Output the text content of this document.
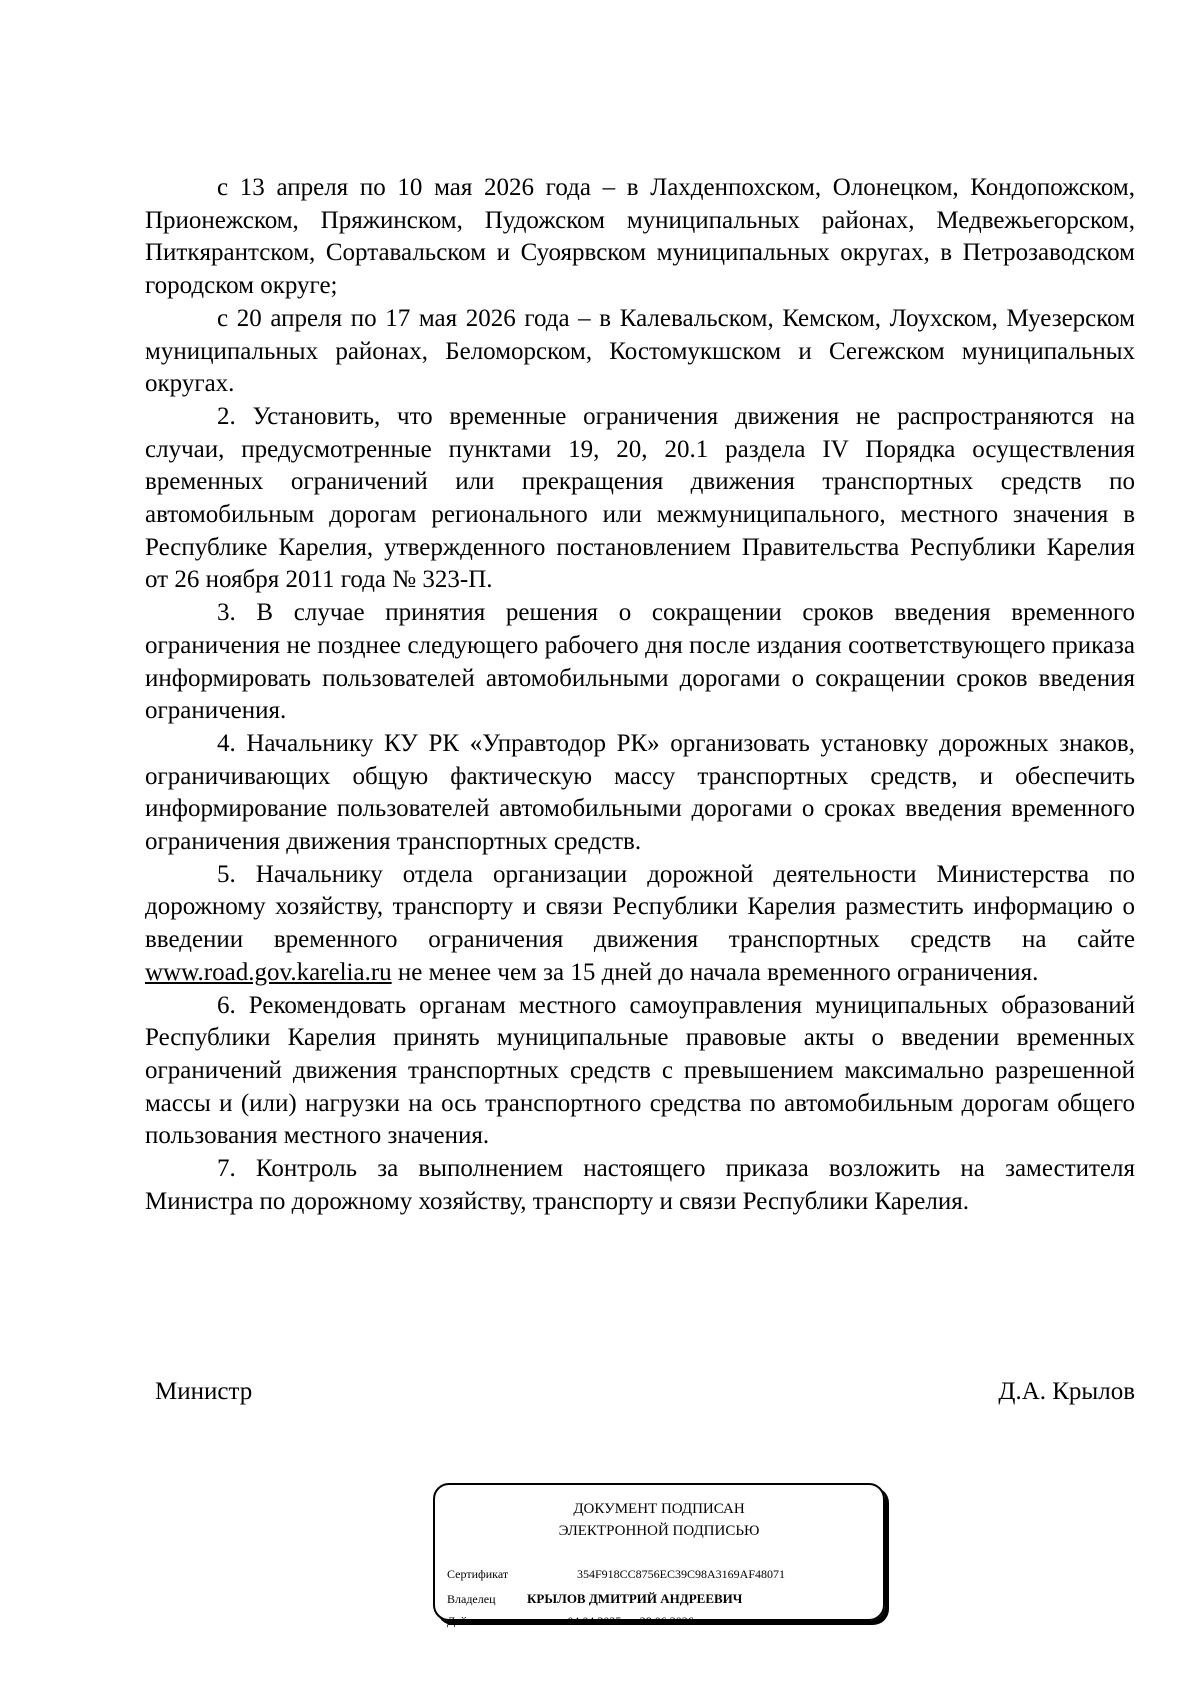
с 13 апреля по 10 мая 2026 года – в Лахденпохском, Олонецком, Кондопожском, Прионежском, Пряжинском, Пудожском муниципальных районах, Медвежьегорском, Питкярантском, Сортавальском и Суоярвском муниципальных округах, в Петрозаводском городском округе;

с 20 апреля по 17 мая 2026 года – в Калевальском, Кемском, Лоухском, Муезерском муниципальных районах, Беломорском, Костомукшском и Сегежском муниципальных округах.

2. Установить, что временные ограничения движения не распространяются на случаи, предусмотренные пунктами 19, 20, 20.1 раздела IV Порядка осуществления временных ограничений или прекращения движения транспортных средств по автомобильным дорогам регионального или межмуниципального, местного значения в Республике Карелия, утвержденного постановлением Правительства Республики Карелия от 26 ноября 2011 года № 323-П.

3. В случае принятия решения о сокращении сроков введения временного ограничения не позднее следующего рабочего дня после издания соответствующего приказа информировать пользователей автомобильными дорогами о сокращении сроков введения ограничения.

4. Начальнику КУ РК «Управтодор РК» организовать установку дорожных знаков, ограничивающих общую фактическую массу транспортных средств, и обеспечить информирование пользователей автомобильными дорогами о сроках введения временного ограничения движения транспортных средств.

5. Начальнику отдела организации дорожной деятельности Министерства по дорожному хозяйству, транспорту и связи Республики Карелия разместить информацию о введении временного ограничения движения транспортных средств на сайте www.road.gov.karelia.ru не менее чем за 15 дней до начала временного ограничения.

6. Рекомендовать органам местного самоуправления муниципальных образований Республики Карелия принять муниципальные правовые акты о введении временных ограничений движения транспортных средств с превышением максимально разрешенной массы и (или) нагрузки на ось транспортного средства по автомобильным дорогам общего пользования местного значения.

7. Контроль за выполнением настоящего приказа возложить на заместителя Министра по дорожному хозяйству, транспорту и связи Республики Карелия.

Министр	Д.А. Крылов
ДОКУМЕНТ ПОДПИСАН
ЭЛЕКТРОННОЙ ПОДПИСЬЮ
Сертификат	354F918CC8756EC39C98A3169AF48071
Владелец КРЫЛОВ ДМИТРИЙ АНДРЕЕВИЧ
Действителен	с 04.04.2025 по 28.06.2026
